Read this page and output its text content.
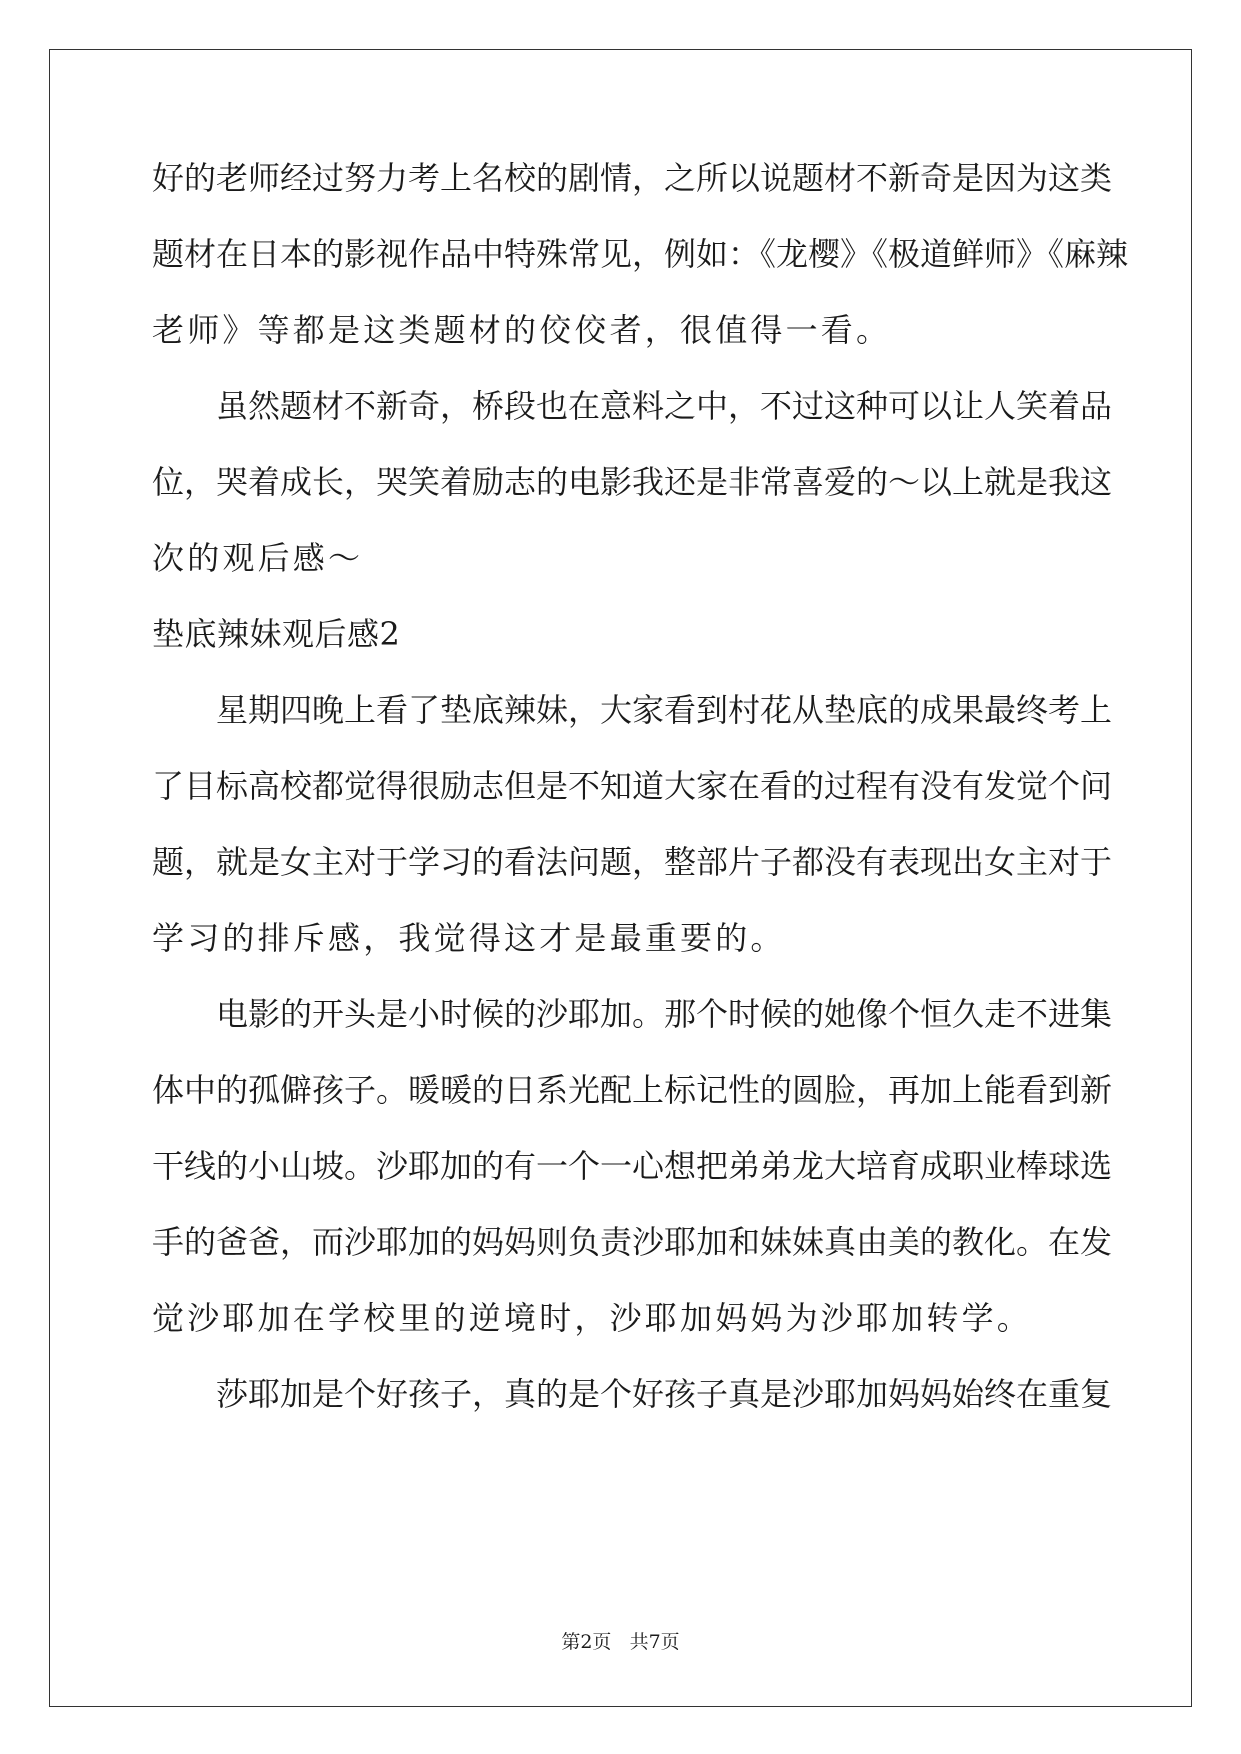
好的老师经过努力考上名校的剧情，之所以说题材不新奇是因为这类
题材在日本的影视作品中特殊常见，例如：《龙樱》《极道鲜师》《麻辣
老师》等都是这类题材的佼佼者，很值得一看。
虽然题材不新奇，桥段也在意料之中，不过这种可以让人笑着品
位，哭着成长，哭笑着励志的电影我还是非常喜爱的～以上就是我这
次的观后感～
垫底辣妹观后感2
星期四晚上看了垫底辣妹，大家看到村花从垫底的成果最终考上
了目标高校都觉得很励志但是不知道大家在看的过程有没有发觉个问
题，就是女主对于学习的看法问题，整部片子都没有表现出女主对于
学习的排斥感，我觉得这才是最重要的。
电影的开头是小时候的沙耶加。那个时候的她像个恒久走不进集
体中的孤僻孩子。暖暖的日系光配上标记性的圆脸，再加上能看到新
干线的小山坡。沙耶加的有一个一心想把弟弟龙大培育成职业棒球选
手的爸爸，而沙耶加的妈妈则负责沙耶加和妹妹真由美的教化。在发
觉沙耶加在学校里的逆境时，沙耶加妈妈为沙耶加转学。
莎耶加是个好孩子，真的是个好孩子真是沙耶加妈妈始终在重复
第2页 共7页
